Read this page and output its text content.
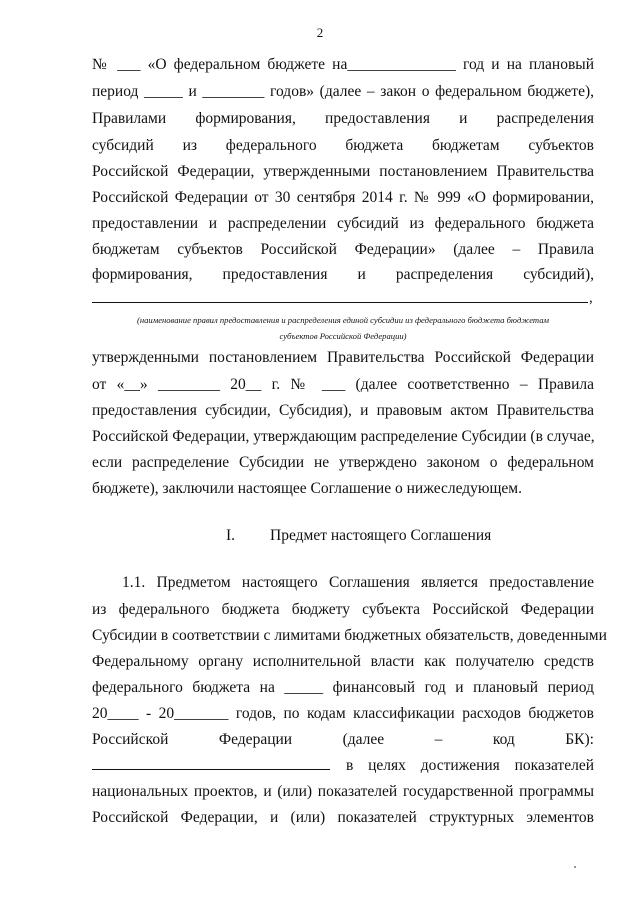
2
№ ___ «О федеральном бюджете на______________ год и на плановый
период _____ и ________ годов» (далее – закон о федеральном бюджете),
Правилами формирования, предоставления и распределения
субсидий из федерального бюджета бюджетам субъектов
Российской Федерации, утвержденными постановлением Правительства
Российской Федерации от 30 сентября 2014 г. № 999 «О формировании,
предоставлении и распределении субсидий из федерального бюджета
бюджетам субъектов Российской Федерации» (далее – Правила
формирования, предоставления и распределения субсидий),
,
(наименование правил предоставления и распределения единой субсидии из федерального бюджета бюджетам
субъектов Российской Федерации)
утвержденными постановлением Правительства Российской Федерации
от «__» ________ 20__ г. № ___ (далее соответственно – Правила
предоставления субсидии, Субсидия), и правовым актом Правительства
Российской Федерации, утверждающим распределение Субсидии (в случае,
если распределение Субсидии не утверждено законом о федеральном
бюджете), заключили настоящее Соглашение о нижеследующем.
I. Предмет настоящего Соглашения
1.1. Предметом настоящего Соглашения является предоставление
из федерального бюджета бюджету субъекта Российской Федерации
Субсидии в соответствии с лимитами бюджетных обязательств, доведенными
Федеральному органу исполнительной власти как получателю средств
федерального бюджета на _____ финансовый год и плановый период
20____ - 20_______ годов, по кодам классификации расходов бюджетов
Российской Федерации (далее – код БК):
в целях достижения показателей
национальных проектов, и (или) показателей государственной программы
Российской Федерации, и (или) показателей структурных элементов
